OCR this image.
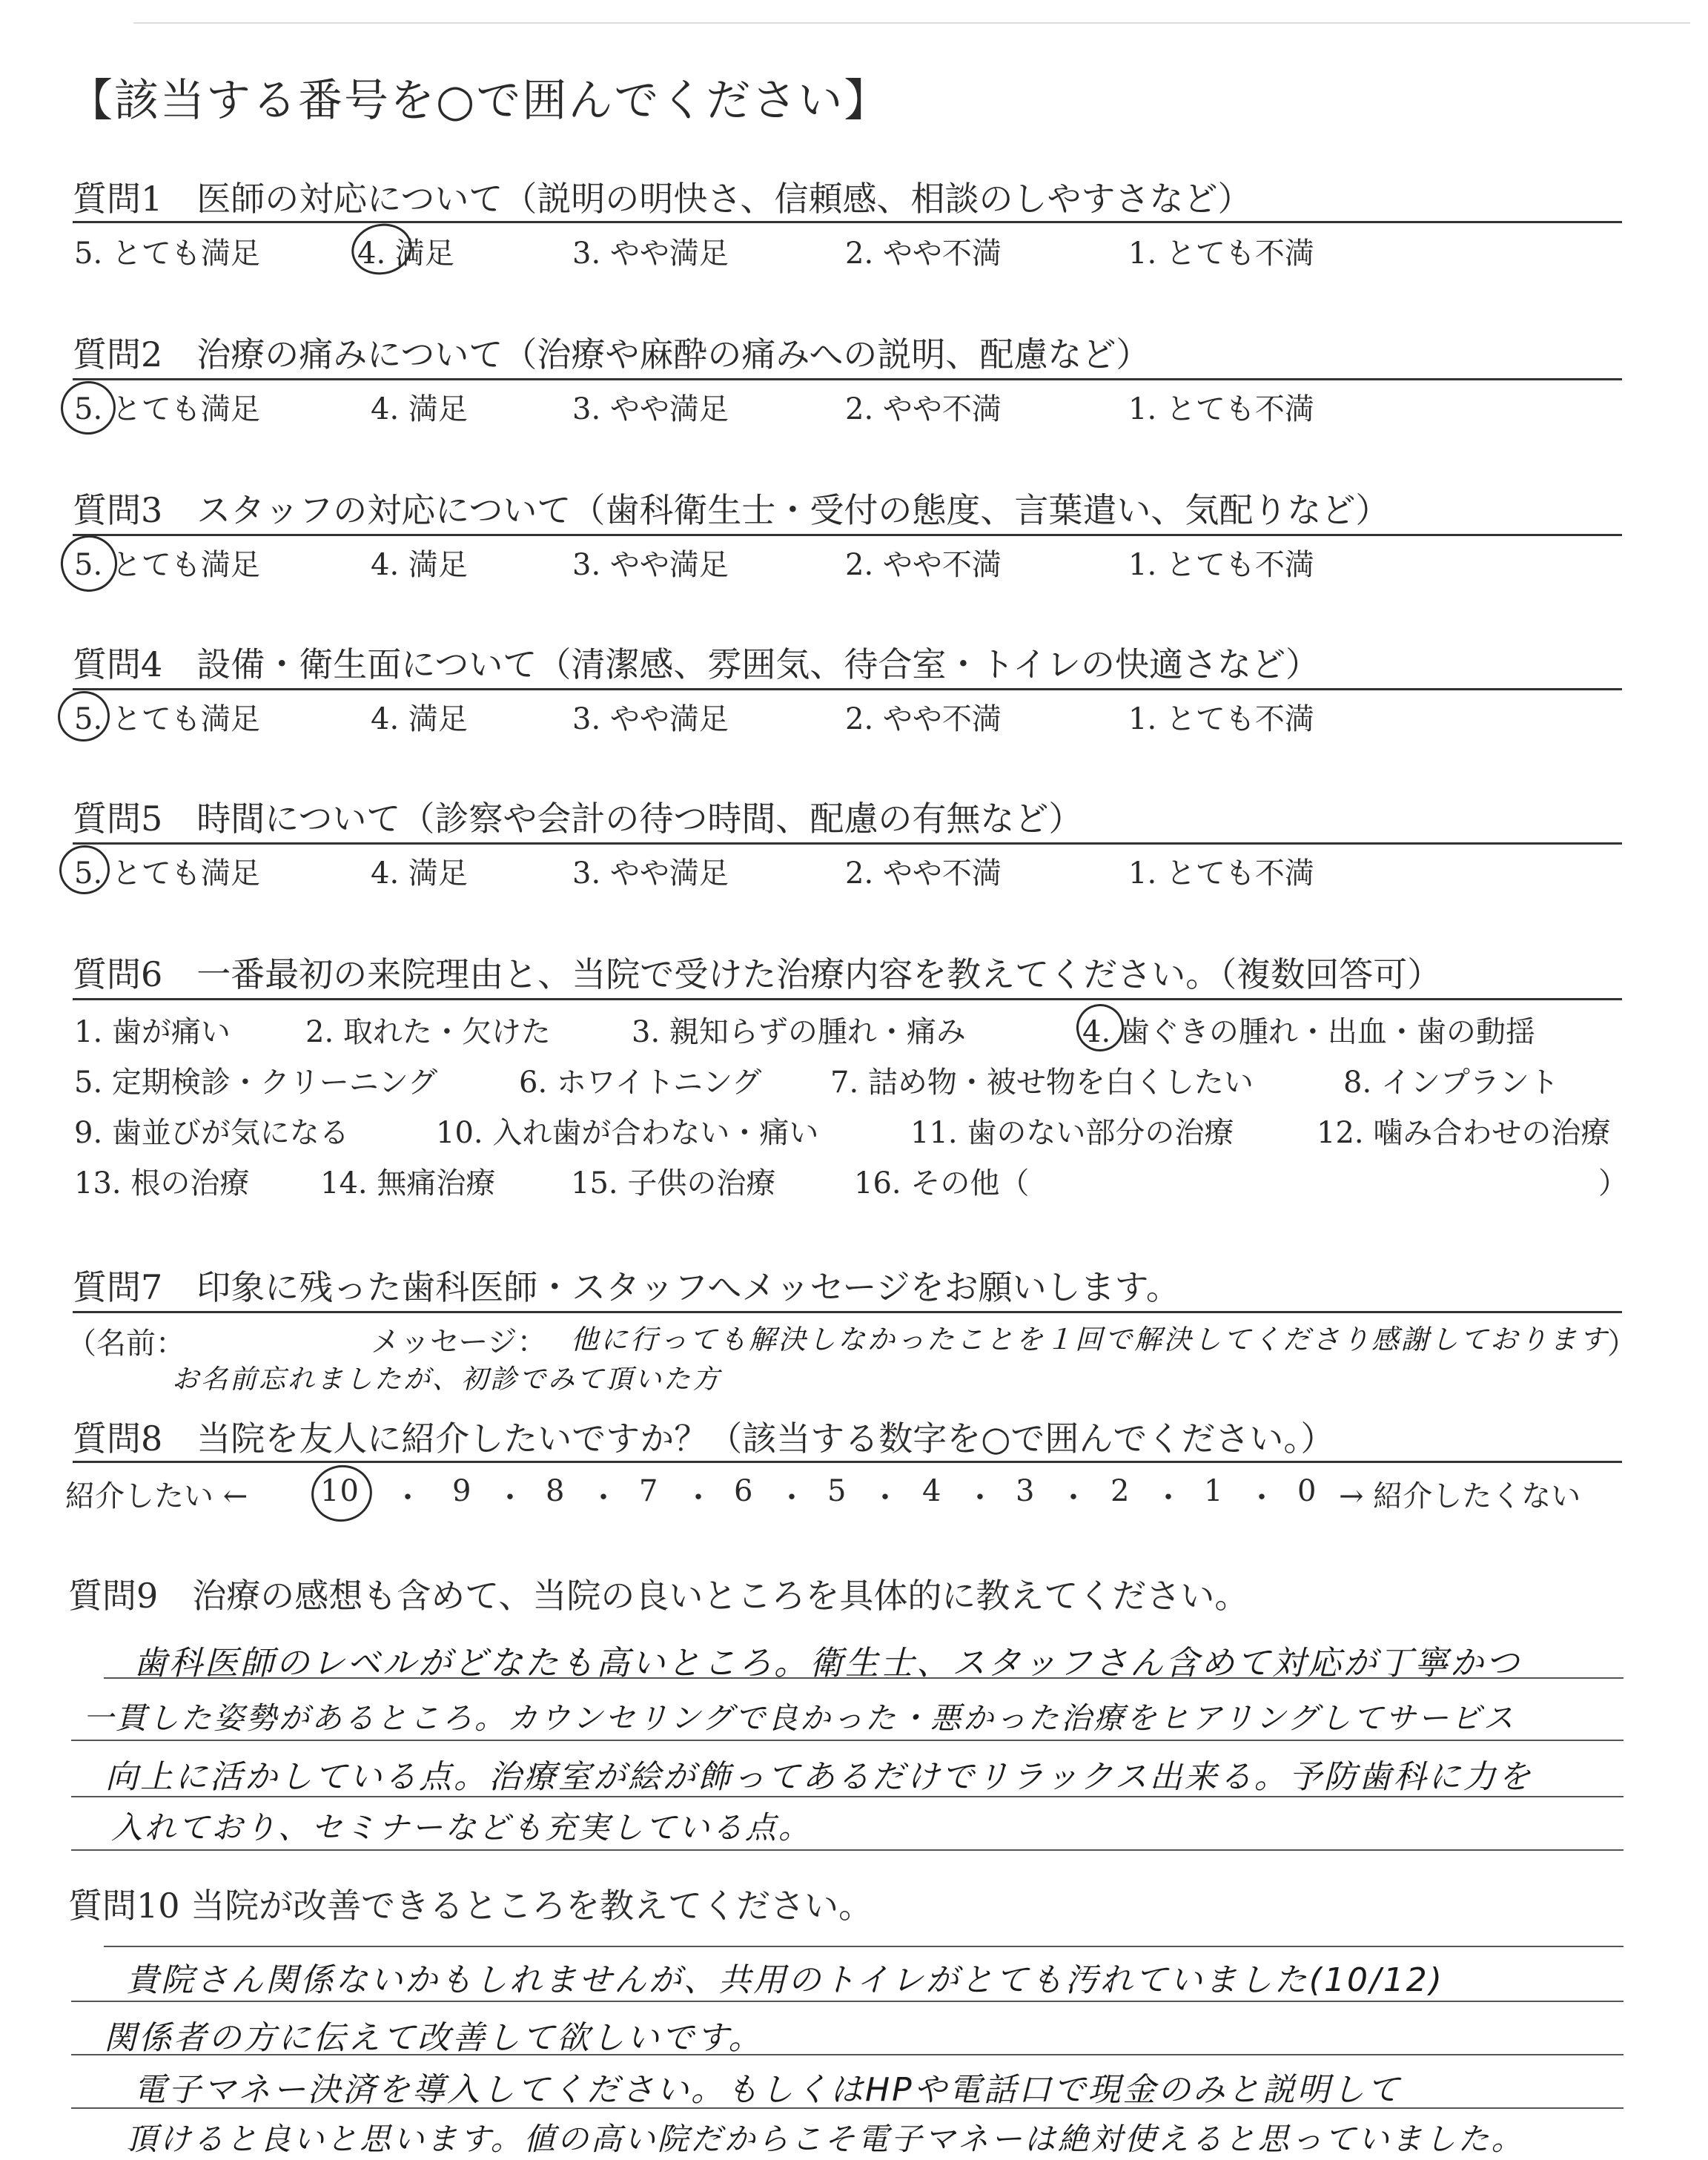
【該当する番号を○で囲んでください】
質問1　医師の対応について（説明の明快さ、信頼感、相談のしやすさなど）
5. とても満足	4. 満足	3. やや満足	2. やや不満	1. とても不満
質問2　治療の痛みについて（治療や麻酔の痛みへの説明、配慮など）
5. とても満足	4. 満足	3. やや満足	2. やや不満	1. とても不満
質問3　スタッフの対応について（歯科衛生士・受付の態度、言葉遣い、気配りなど）
5. とても満足	4. 満足	3. やや満足	2. やや不満	1. とても不満
質問4　設備・衛生面について（清潔感、雰囲気、待合室・トイレの快適さなど）
5. とても満足	4. 満足	3. やや満足	2. やや不満	1. とても不満
質問5　時間について（診察や会計の待つ時間、配慮の有無など）
5. とても満足	4. 満足	3. やや満足	2. やや不満	1. とても不満
質問6　一番最初の来院理由と、当院で受けた治療内容を教えてください。（複数回答可）
1. 歯が痛い	2. 取れた・欠けた	3. 親知らずの腫れ・痛み	4. 歯ぐきの腫れ・出血・歯の動揺
5. 定期検診・クリーニング	6. ホワイトニング 7. 詰め物・被せ物を白くしたい	8. インプラント
9. 歯並びが気になる	10. 入れ歯が合わない・痛い	11. 歯のない部分の治療	12. 噛み合わせの治療
13. 根の治療 14. 無痛治療	15. 子供の治療	16. その他（	）
質問7　印象に残った歯科医師・スタッフへメッセージをお願いします。
（名前：	メッセージ：	）
他に行っても解決しなかったことを１回で解決してくださり感謝しております
お名前忘れましたが、初診でみて頂いた方
質問8　当院を友人に紹介したいですか？（該当する数字を○で囲んでください。）
紹介したい ←	→ 紹介したくない
10	9 8 7	6 5	4 3	2 1 0
・ ・ ・ ・ ・ ・ ・ ・ ・ ・
質問9　治療の感想も含めて、当院の良いところを具体的に教えてください。
歯科医師のレベルがどなたも高いところ。衛生士、スタッフさん含めて対応が丁寧かつ
一貫した姿勢があるところ。カウンセリングで良かった・悪かった治療をヒアリングしてサービス
向上に活かしている点。治療室が絵が飾ってあるだけでリラックス出来る。予防歯科に力を
入れており、セミナーなども充実している点。
質問10 当院が改善できるところを教えてください。
貴院さん関係ないかもしれませんが、共用のトイレがとても汚れていました(10/12)
関係者の方に伝えて改善して欲しいです。
電子マネー決済を導入してください。もしくはHPや電話口で現金のみと説明して
頂けると良いと思います。値の高い院だからこそ電子マネーは絶対使えると思っていました。
